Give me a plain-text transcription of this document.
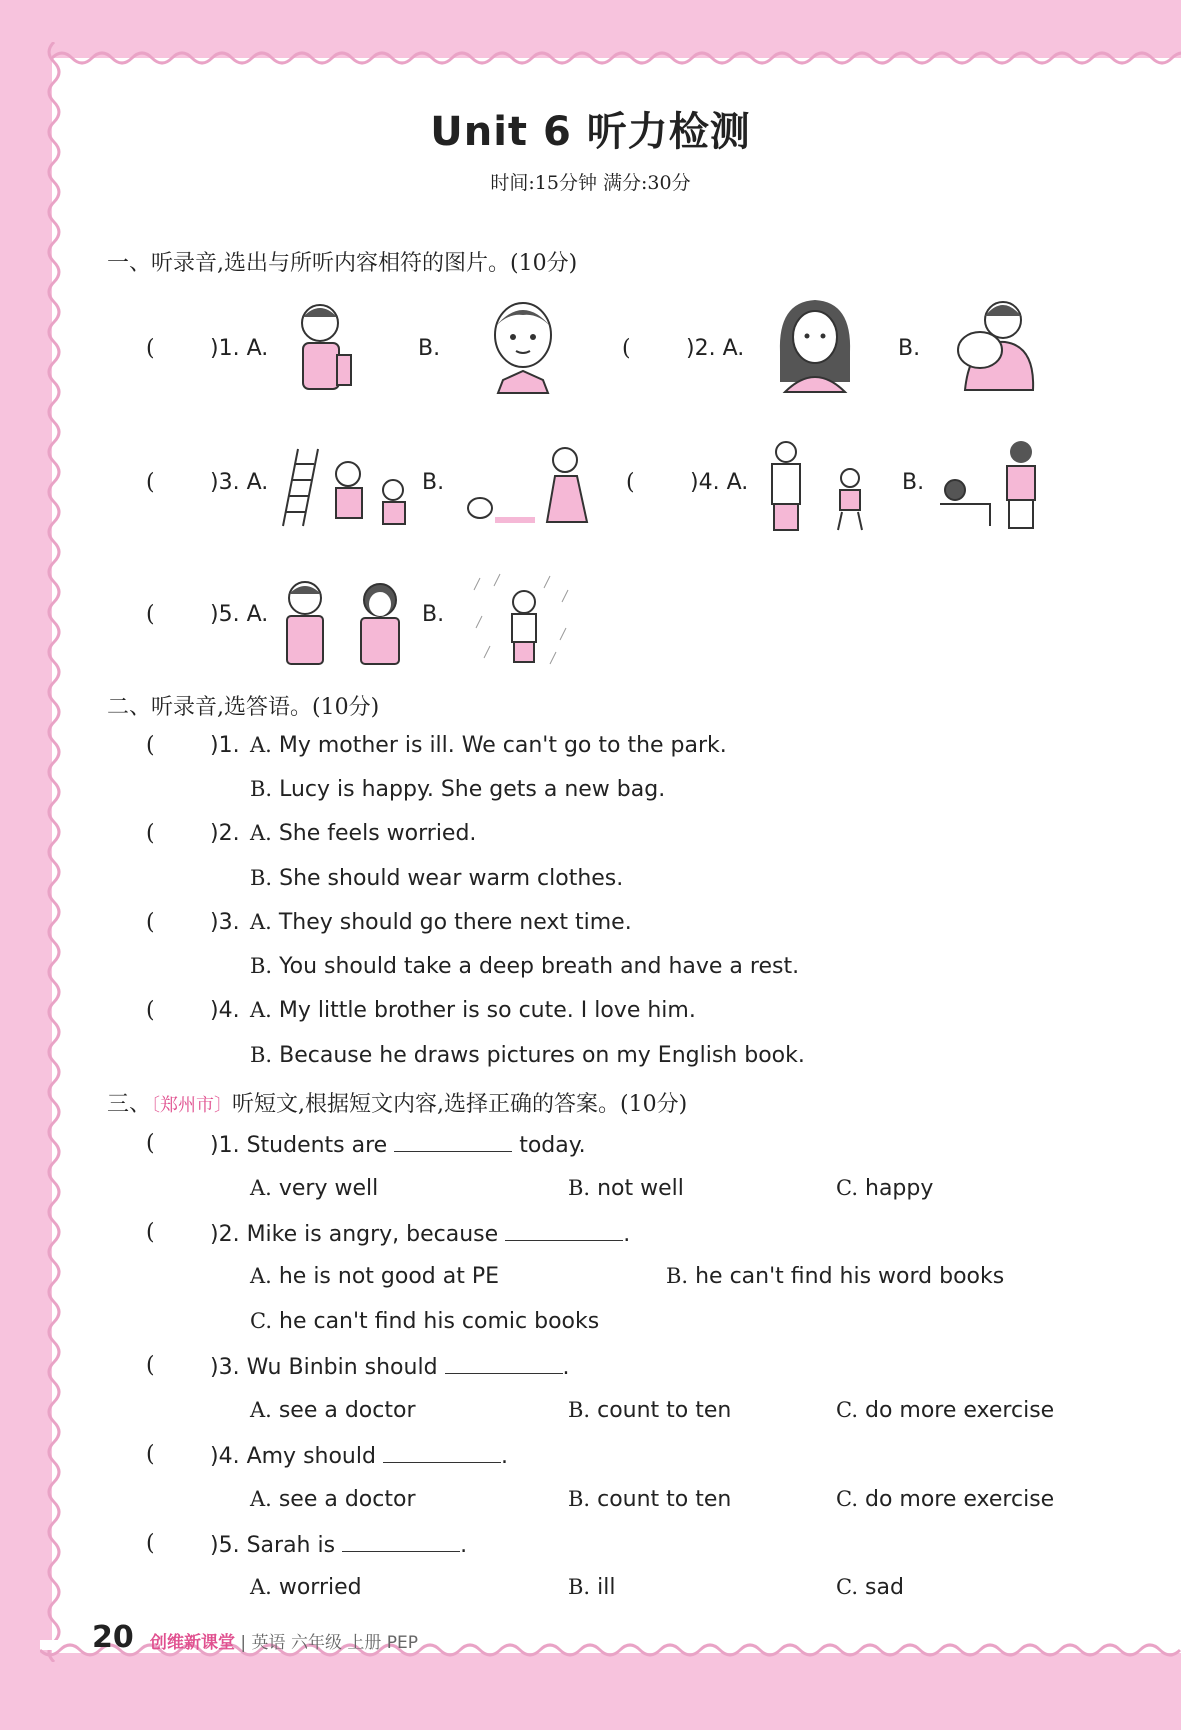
Unit 6 听力检测
时间:15分钟 满分:30分
一、听录音,选出与所听内容相符的图片。(10分)
(	)1. A.	B.	(	)2. A.	B.
(	)3. A.	B.	(	)4. A.	B.
(	)5. A.	B.
二、听录音,选答语。(10分)
(	)1. A. My mother is ill. We can't go to the park.
B. Lucy is happy. She gets a new bag.
(	)2. A. She feels worried.
B. She should wear warm clothes.
(	)3. A. They should go there next time.
B. You should take a deep breath and have a rest.
(	)4. A. My little brother is so cute. I love him.
B. Because he draws pictures on my English book.
三、〔郑州市〕听短文,根据短文内容,选择正确的答案。(10分)
(	)1. Students are	today.
A. very well	B. not well	C. happy
(	)2. Mike is angry, because	.
A. he is not good at PE	B. he can't find his word books
C. he can't find his comic books
(	)3. Wu Binbin should	.
A. see a doctor	B. count to ten	C. do more exercise
(	)4. Amy should	.
A. see a doctor	B. count to ten	C. do more exercise
(	)5. Sarah is	.
A. worried	B. ill	C. sad
20 创维新课堂 | 英语 六年级 上册 PEP
